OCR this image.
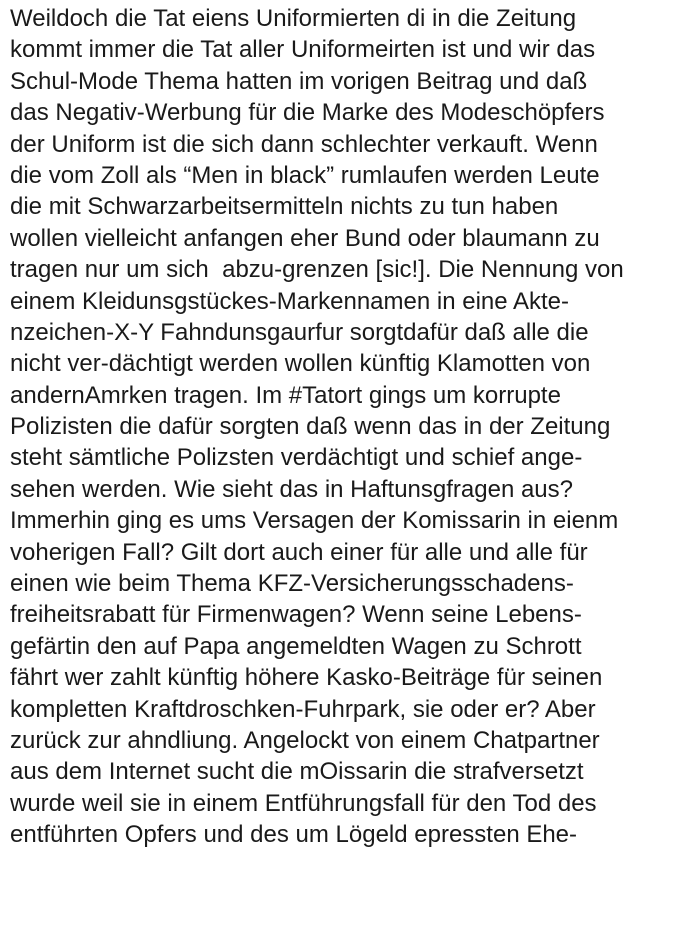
Weildoch die Tat eiens Uniformierten di in die Zeitung
kommt immer die Tat aller Uniformeirten ist und wir das
Schul-Mode Thema hatten im vorigen Beitrag und daß
das Negativ-Werbung für die Marke des Modeschöpfers
der Uniform ist die sich dann schlechter verkauft. Wenn
die vom Zoll als “Men in black” rumlaufen werden Leute
die mit Schwarzarbeitsermitteln nichts zu tun haben
wollen vielleicht anfangen eher Bund oder blaumann zu
tragen nur um sich  abzu-grenzen [sic!]. Die Nennung von
einem Kleidunsgstückes-Markennamen in eine Akte-
nzeichen-X-Y Fahndunsgaurfur sorgtdafür daß alle die
nicht ver-dächtigt werden wollen künftig Klamotten von
andernAmrken tragen. Im #Tatort gings um korrupte
Polizisten die dafür sorgten daß wenn das in der Zeitung
steht sämtliche Polizsten verdächtigt und schief ange-
sehen werden. Wie sieht das in Haftunsgfragen aus?
Immerhin ging es ums Versagen der Komissarin in eienm
voherigen Fall? Gilt dort auch einer für alle und alle für
einen wie beim Thema KFZ-Versicherungsschadens-
freiheitsrabatt für Firmenwagen? Wenn seine Lebens-
gefärtin den auf Papa angemeldten Wagen zu Schrott
fährt wer zahlt künftig höhere Kasko-Beiträge für seinen
kompletten Kraftdroschken-Fuhrpark, sie oder er? Aber
zurück zur ahndliung. Angelockt von einem Chatpartner
aus dem Internet sucht die mOissarin die strafversetzt
wurde weil sie in einem Entführungsfall für den Tod des
entführten Opfers und des um Lögeld epressten Ehe-
